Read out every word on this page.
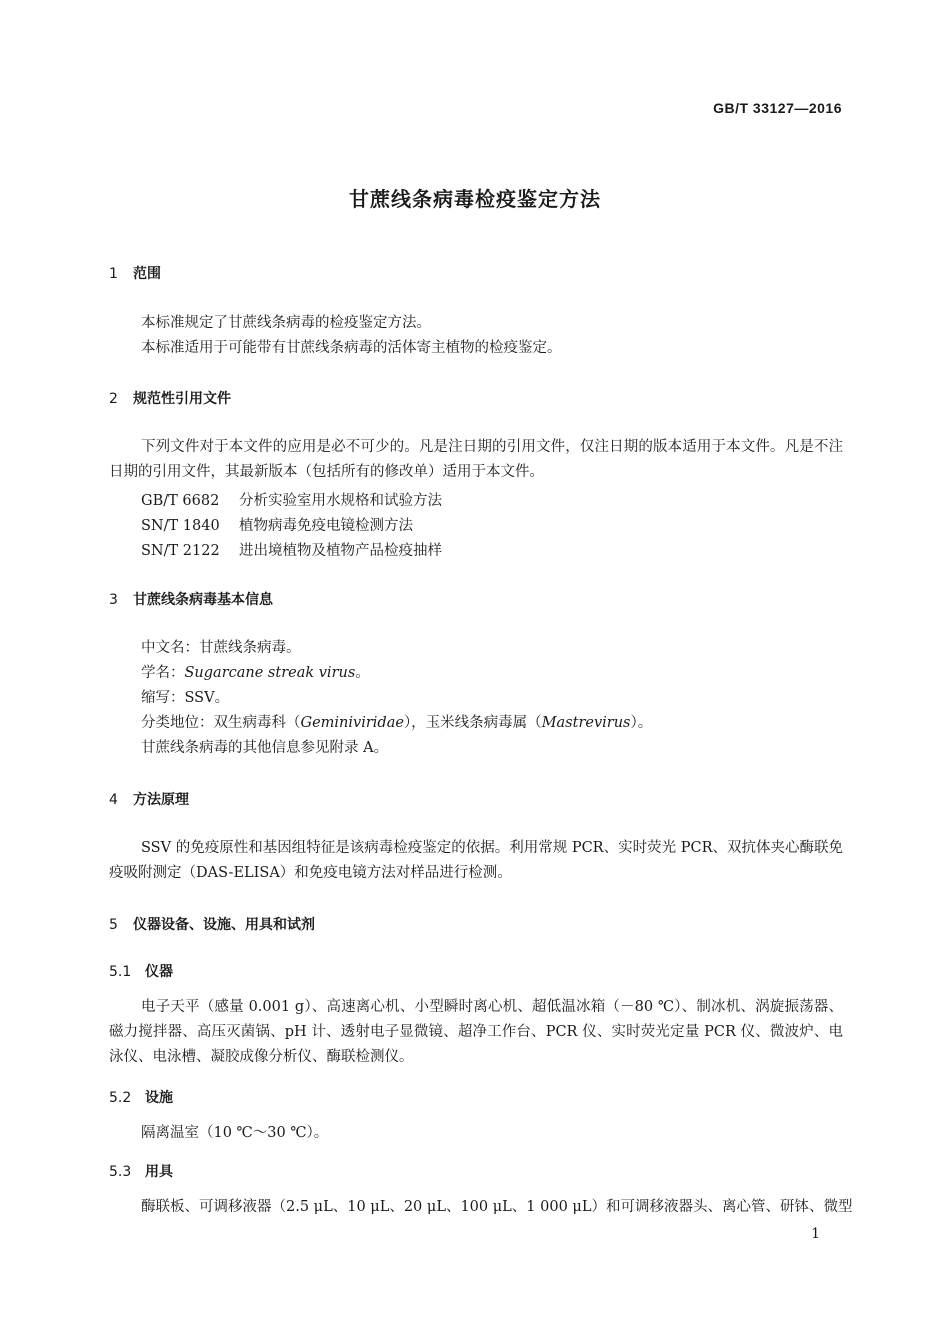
GB/T 33127—2016
甘蔗线条病毒检疫鉴定方法
1 范围
本标准规定了甘蔗线条病毒的检疫鉴定方法。
本标准适用于可能带有甘蔗线条病毒的活体寄主植物的检疫鉴定。
2 规范性引用文件
下列文件对于本文件的应用是必不可少的。凡是注日期的引用文件，仅注日期的版本适用于本文件。凡是不注日期的引用文件，其最新版本（包括所有的修改单）适用于本文件。
GB/T 6682 分析实验室用水规格和试验方法
SN/T 1840 植物病毒免疫电镜检测方法
SN/T 2122 进出境植物及植物产品检疫抽样
3 甘蔗线条病毒基本信息
中文名：甘蔗线条病毒。
学名：Sugarcane streak virus。
缩写：SSV。
分类地位：双生病毒科（Geminiviridae），玉米线条病毒属（Mastrevirus）。
甘蔗线条病毒的其他信息参见附录 A。
4 方法原理
SSV 的免疫原性和基因组特征是该病毒检疫鉴定的依据。利用常规 PCR、实时荧光 PCR、双抗体夹心酶联免疫吸附测定（DAS-ELISA）和免疫电镜方法对样品进行检测。
5 仪器设备、设施、用具和试剂
5.1 仪器
电子天平（感量 0.001 g）、高速离心机、小型瞬时离心机、超低温冰箱（－80 ℃）、制冰机、涡旋振荡器、磁力搅拌器、高压灭菌锅、pH 计、透射电子显微镜、超净工作台、PCR 仪、实时荧光定量 PCR 仪、微波炉、电泳仪、电泳槽、凝胶成像分析仪、酶联检测仪。
5.2 设施
隔离温室（10 ℃～30 ℃）。
5.3 用具
酶联板、可调移液器（2.5 μL、10 μL、20 μL、100 μL、1 000 μL）和可调移液器头、离心管、研钵、微型
1
